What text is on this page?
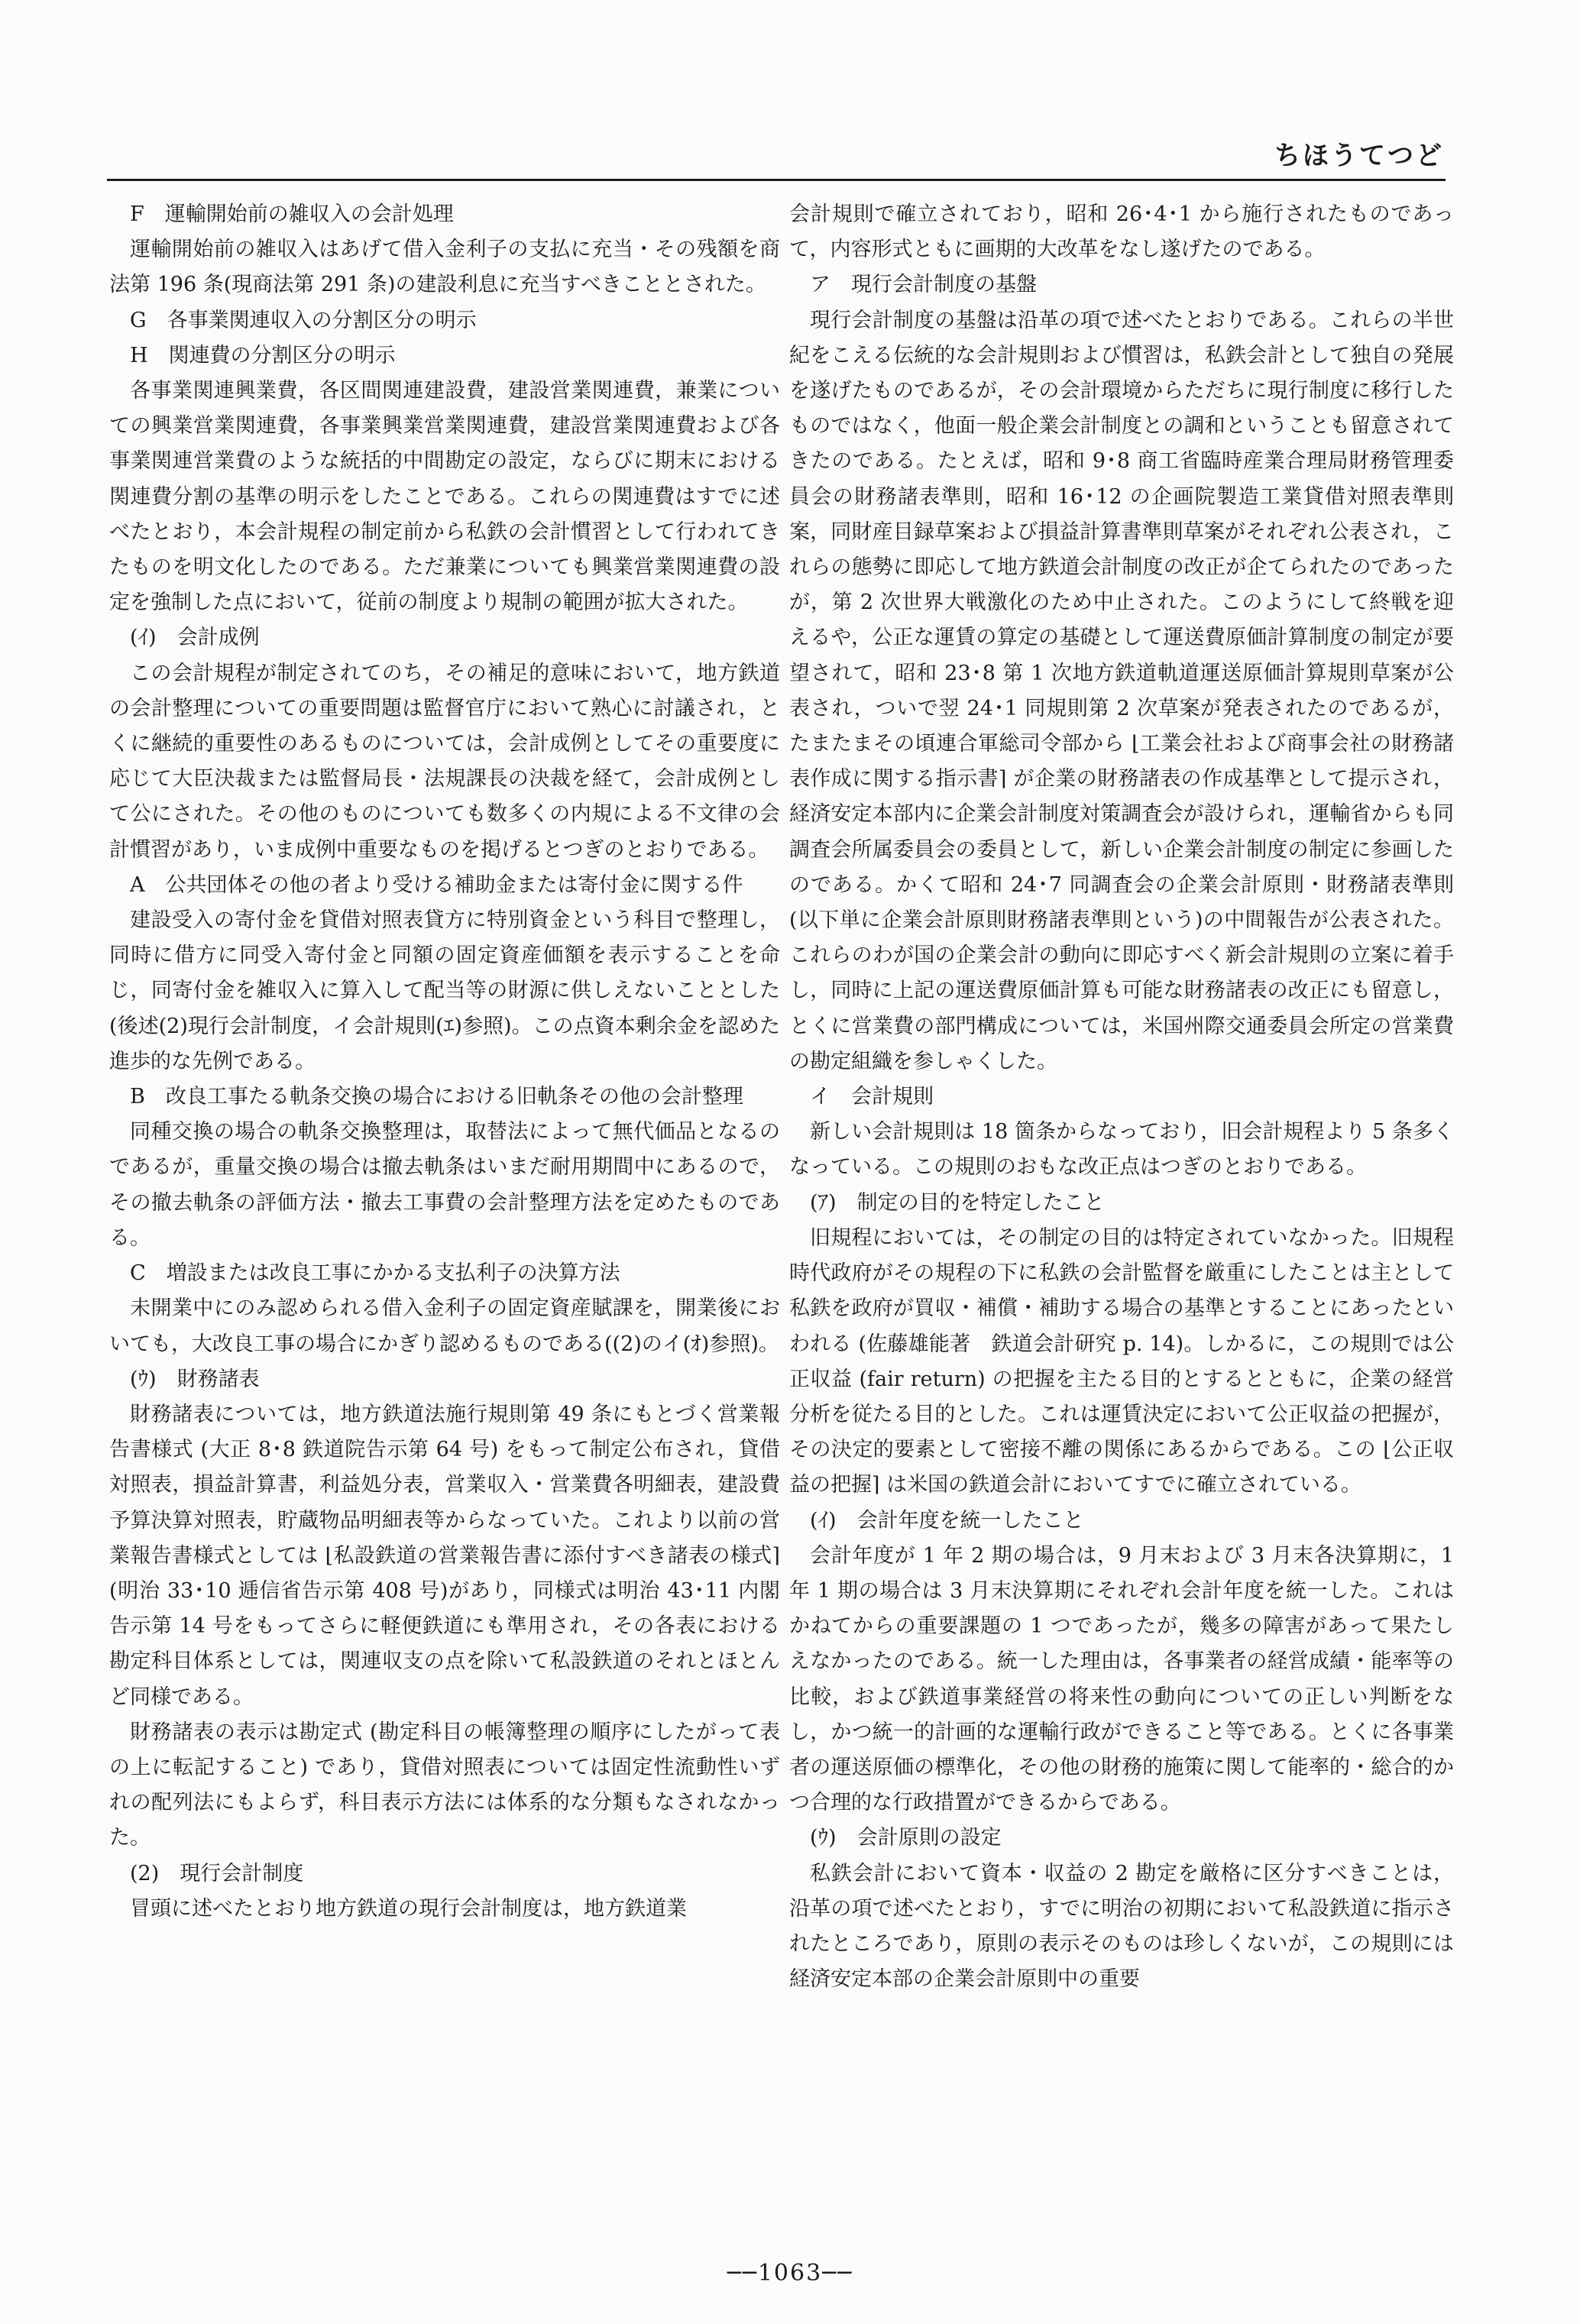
ちほうてつど

F　運輸開始前の雑収入の会計処理

運輸開始前の雑収入はあげて借入金利子の支払に充当・その残額を商法第 196 条(現商法第 291 条)の建設利息に充当すべきこととされた。

G　各事業関連収入の分割区分の明示

H　関連費の分割区分の明示

各事業関連興業費，各区間関連建設費，建設営業関連費，兼業についての興業営業関連費，各事業興業営業関連費，建設営業関連費および各事業関連営業費のような統括的中間勘定の設定，ならびに期末における関連費分割の基準の明示をしたことである。これらの関連費はすでに述べたとおり，本会計規程の制定前から私鉄の会計慣習として行われてきたものを明文化したのである。ただ兼業についても興業営業関連費の設定を強制した点において，従前の制度より規制の範囲が拡大された。

(ｲ)　会計成例

この会計規程が制定されてのち，その補足的意味において，地方鉄道の会計整理についての重要問題は監督官庁において熟心に討議され，とくに継続的重要性のあるものについては，会計成例としてその重要度に応じて大臣決裁または監督局長・法規課長の決裁を経て，会計成例として公にされた。その他のものについても数多くの内規による不文律の会計慣習があり，いま成例中重要なものを掲げるとつぎのとおりである。

A　公共団体その他の者より受ける補助金または寄付金に関する件

建設受入の寄付金を貸借対照表貸方に特別資金という科目で整理し，同時に借方に同受入寄付金と同額の固定資産価額を表示することを命じ，同寄付金を雑収入に算入して配当等の財源に供しえないこととした(後述(2)現行会計制度，イ会計規則(ｴ)参照)。この点資本剰余金を認めた進歩的な先例である。

B　改良工事たる軌条交換の場合における旧軌条その他の会計整理

同種交換の場合の軌条交換整理は，取替法によって無代価品となるのであるが，重量交換の場合は撤去軌条はいまだ耐用期間中にあるので，その撤去軌条の評価方法・撤去工事費の会計整理方法を定めたものである。

C　増設または改良工事にかかる支払利子の決算方法

未開業中にのみ認められる借入金利子の固定資産賦課を，開業後においても，大改良工事の場合にかぎり認めるものである((2)のイ(ｵ)参照)。

(ｳ)　財務諸表

財務諸表については，地方鉄道法施行規則第 49 条にもとづく営業報告書様式 (大正 8･8 鉄道院告示第 64 号) をもって制定公布され，貸借対照表，損益計算書，利益処分表，営業収入・営業費各明細表，建設費予算決算対照表，貯蔵物品明細表等からなっていた。これより以前の営業報告書様式としては ⌊私設鉄道の営業報告書に添付すべき諸表の様式⌉(明治 33･10 逓信省告示第 408 号)があり，同様式は明治 43･11 内閣告示第 14 号をもってさらに軽便鉄道にも準用され，その各表における勘定科目体系としては，関連収支の点を除いて私設鉄道のそれとほとんど同様である。

財務諸表の表示は勘定式 (勘定科目の帳簿整理の順序にしたがって表の上に転記すること) であり，貸借対照表については固定性流動性いずれの配列法にもよらず，科目表示方法には体系的な分類もなされなかった。

(2)　現行会計制度

冒頭に述べたとおり地方鉄道の現行会計制度は，地方鉄道業

会計規則で確立されており，昭和 26･4･1 から施行されたものであって，内容形式ともに画期的大改革をなし遂げたのである。

ア　現行会計制度の基盤

現行会計制度の基盤は沿革の項で述べたとおりである。これらの半世紀をこえる伝統的な会計規則および慣習は，私鉄会計として独自の発展を遂げたものであるが，その会計環境からただちに現行制度に移行したものではなく，他面一般企業会計制度との調和ということも留意されてきたのである。たとえば，昭和 9･8 商工省臨時産業合理局財務管理委員会の財務諸表準則，昭和 16･12 の企画院製造工業貸借対照表準則案，同財産目録草案および損益計算書準則草案がそれぞれ公表され，これらの態勢に即応して地方鉄道会計制度の改正が企てられたのであったが，第 2 次世界大戦激化のため中止された。このようにして終戦を迎えるや，公正な運賃の算定の基礎として運送費原価計算制度の制定が要望されて，昭和 23･8 第 1 次地方鉄道軌道運送原価計算規則草案が公表され，ついで翌 24･1 同規則第 2 次草案が発表されたのであるが，たまたまその頃連合軍総司令部から ⌊工業会社および商事会社の財務諸表作成に関する指示書⌉ が企業の財務諸表の作成基準として提示され，経済安定本部内に企業会計制度対策調査会が設けられ，運輸省からも同調査会所属委員会の委員として，新しい企業会計制度の制定に参画したのである。かくて昭和 24･7 同調査会の企業会計原則・財務諸表準則(以下単に企業会計原則財務諸表準則という)の中間報告が公表された。これらのわが国の企業会計の動向に即応すべく新会計規則の立案に着手し，同時に上記の運送費原価計算も可能な財務諸表の改正にも留意し，とくに営業費の部門構成については，米国州際交通委員会所定の営業費の勘定組織を参しゃくした。

イ　会計規則

新しい会計規則は 18 箇条からなっており，旧会計規程より 5 条多くなっている。この規則のおもな改正点はつぎのとおりである。

(ｱ)　制定の目的を特定したこと

旧規程においては，その制定の目的は特定されていなかった。旧規程時代政府がその規程の下に私鉄の会計監督を厳重にしたことは主として私鉄を政府が買収・補償・補助する場合の基準とすることにあったといわれる (佐藤雄能著　鉄道会計研究 p. 14)。しかるに，この規則では公正収益 (fair return) の把握を主たる目的とするとともに，企業の経営分析を従たる目的とした。これは運賃決定において公正収益の把握が，その決定的要素として密接不離の関係にあるからである。この ⌊公正収益の把握⌉ は米国の鉄道会計においてすでに確立されている。

(ｲ)　会計年度を統一したこと

会計年度が 1 年 2 期の場合は，9 月末および 3 月末各決算期に，1 年 1 期の場合は 3 月末決算期にそれぞれ会計年度を統一した。これはかねてからの重要課題の 1 つであったが，幾多の障害があって果たしえなかったのである。統一した理由は，各事業者の経営成績・能率等の比較，および鉄道事業経営の将来性の動向についての正しい判断をなし，かつ統一的計画的な運輸行政ができること等である。とくに各事業者の運送原価の標準化，その他の財務的施策に関して能率的・総合的かつ合理的な行政措置ができるからである。

(ｳ)　会計原則の設定

私鉄会計において資本・収益の 2 勘定を厳格に区分すべきことは，沿革の項で述べたとおり，すでに明治の初期において私設鉄道に指示されたところであり，原則の表示そのものは珍しくないが，この規則には経済安定本部の企業会計原則中の重要

──1063──
